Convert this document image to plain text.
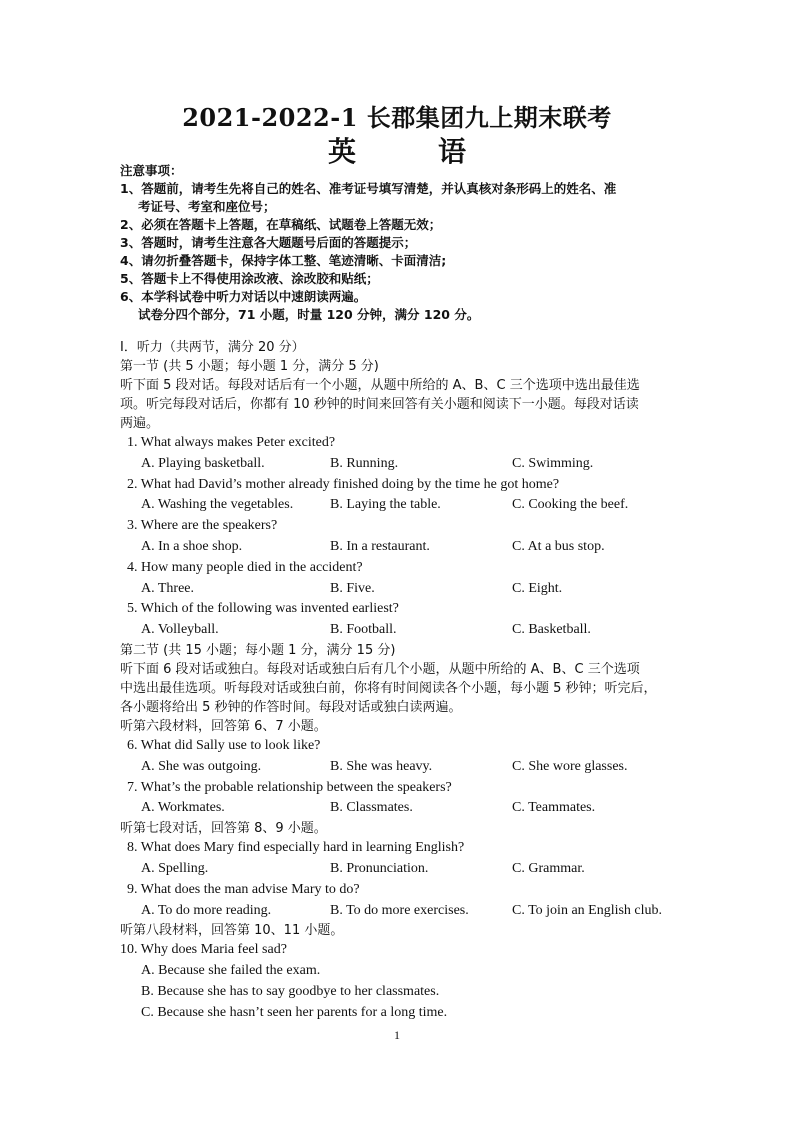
2021-2022-1 长郡集团九上期末联考
英	语
注意事项：
1、答题前，请考生先将自己的姓名、准考证号填写清楚，并认真核对条形码上的姓名、准
考证号、考室和座位号；
2、必须在答题卡上答题，在草稿纸、试题卷上答题无效；
3、答题时，请考生注意各大题题号后面的答题提示；
4、请勿折叠答题卡，保持字体工整、笔迹清晰、卡面清洁;
5、答题卡上不得使用涂改液、涂改胶和贴纸；
6、本学科试卷中听力对话以中速朗读两遍。
试卷分四个部分，71 小题，时量 120 分钟，满分 120 分。
I．听力（共两节，满分 20 分）
第一节 (共 5 小题；每小题 1 分，满分 5 分)
听下面 5 段对话。每段对话后有一个小题，从题中所给的 A、B、C 三个选项中选出最佳选
项。听完每段对话后，你都有 10 秒钟的时间来回答有关小题和阅读下一小题。每段对话读
两遍。
1. What always makes Peter excited?
A. Playing basketball.	B. Running.	C. Swimming.
2. What had David’s mother already finished doing by the time he got home?
A. Washing the vegetables.	B. Laying the table.	C. Cooking the beef.
3. Where are the speakers?
A. In a shoe shop.	B. In a restaurant.	C. At a bus stop.
4. How many people died in the accident?
A. Three.	B. Five.	C. Eight.
5. Which of the following was invented earliest?
A. Volleyball.	B. Football.	C. Basketball.
第二节 (共 15 小题；每小题 1 分，满分 15 分)
听下面 6 段对话或独白。每段对话或独白后有几个小题，从题中所给的 A、B、C 三个选项
中选出最佳选项。听每段对话或独白前，你将有时间阅读各个小题，每小题 5 秒钟；听完后，
各小题将给出 5 秒钟的作答时间。每段对话或独白读两遍。
听第六段材料，回答第 6、7 小题。
6. What did Sally use to look like?
A. She was outgoing.	B. She was heavy.	C. She wore glasses.
7. What’s the probable relationship between the speakers?
A. Workmates.	B. Classmates.	C. Teammates.
听第七段对话，回答第 8、9 小题。
8. What does Mary find especially hard in learning English?
A. Spelling.	B. Pronunciation.	C. Grammar.
9. What does the man advise Mary to do?
A. To do more reading.	B. To do more exercises.	C. To join an English club.
听第八段材料，回答第 10、11 小题。
10. Why does Maria feel sad?
A. Because she failed the exam.
B. Because she has to say goodbye to her classmates.
C. Because she hasn’t seen her parents for a long time.
1
